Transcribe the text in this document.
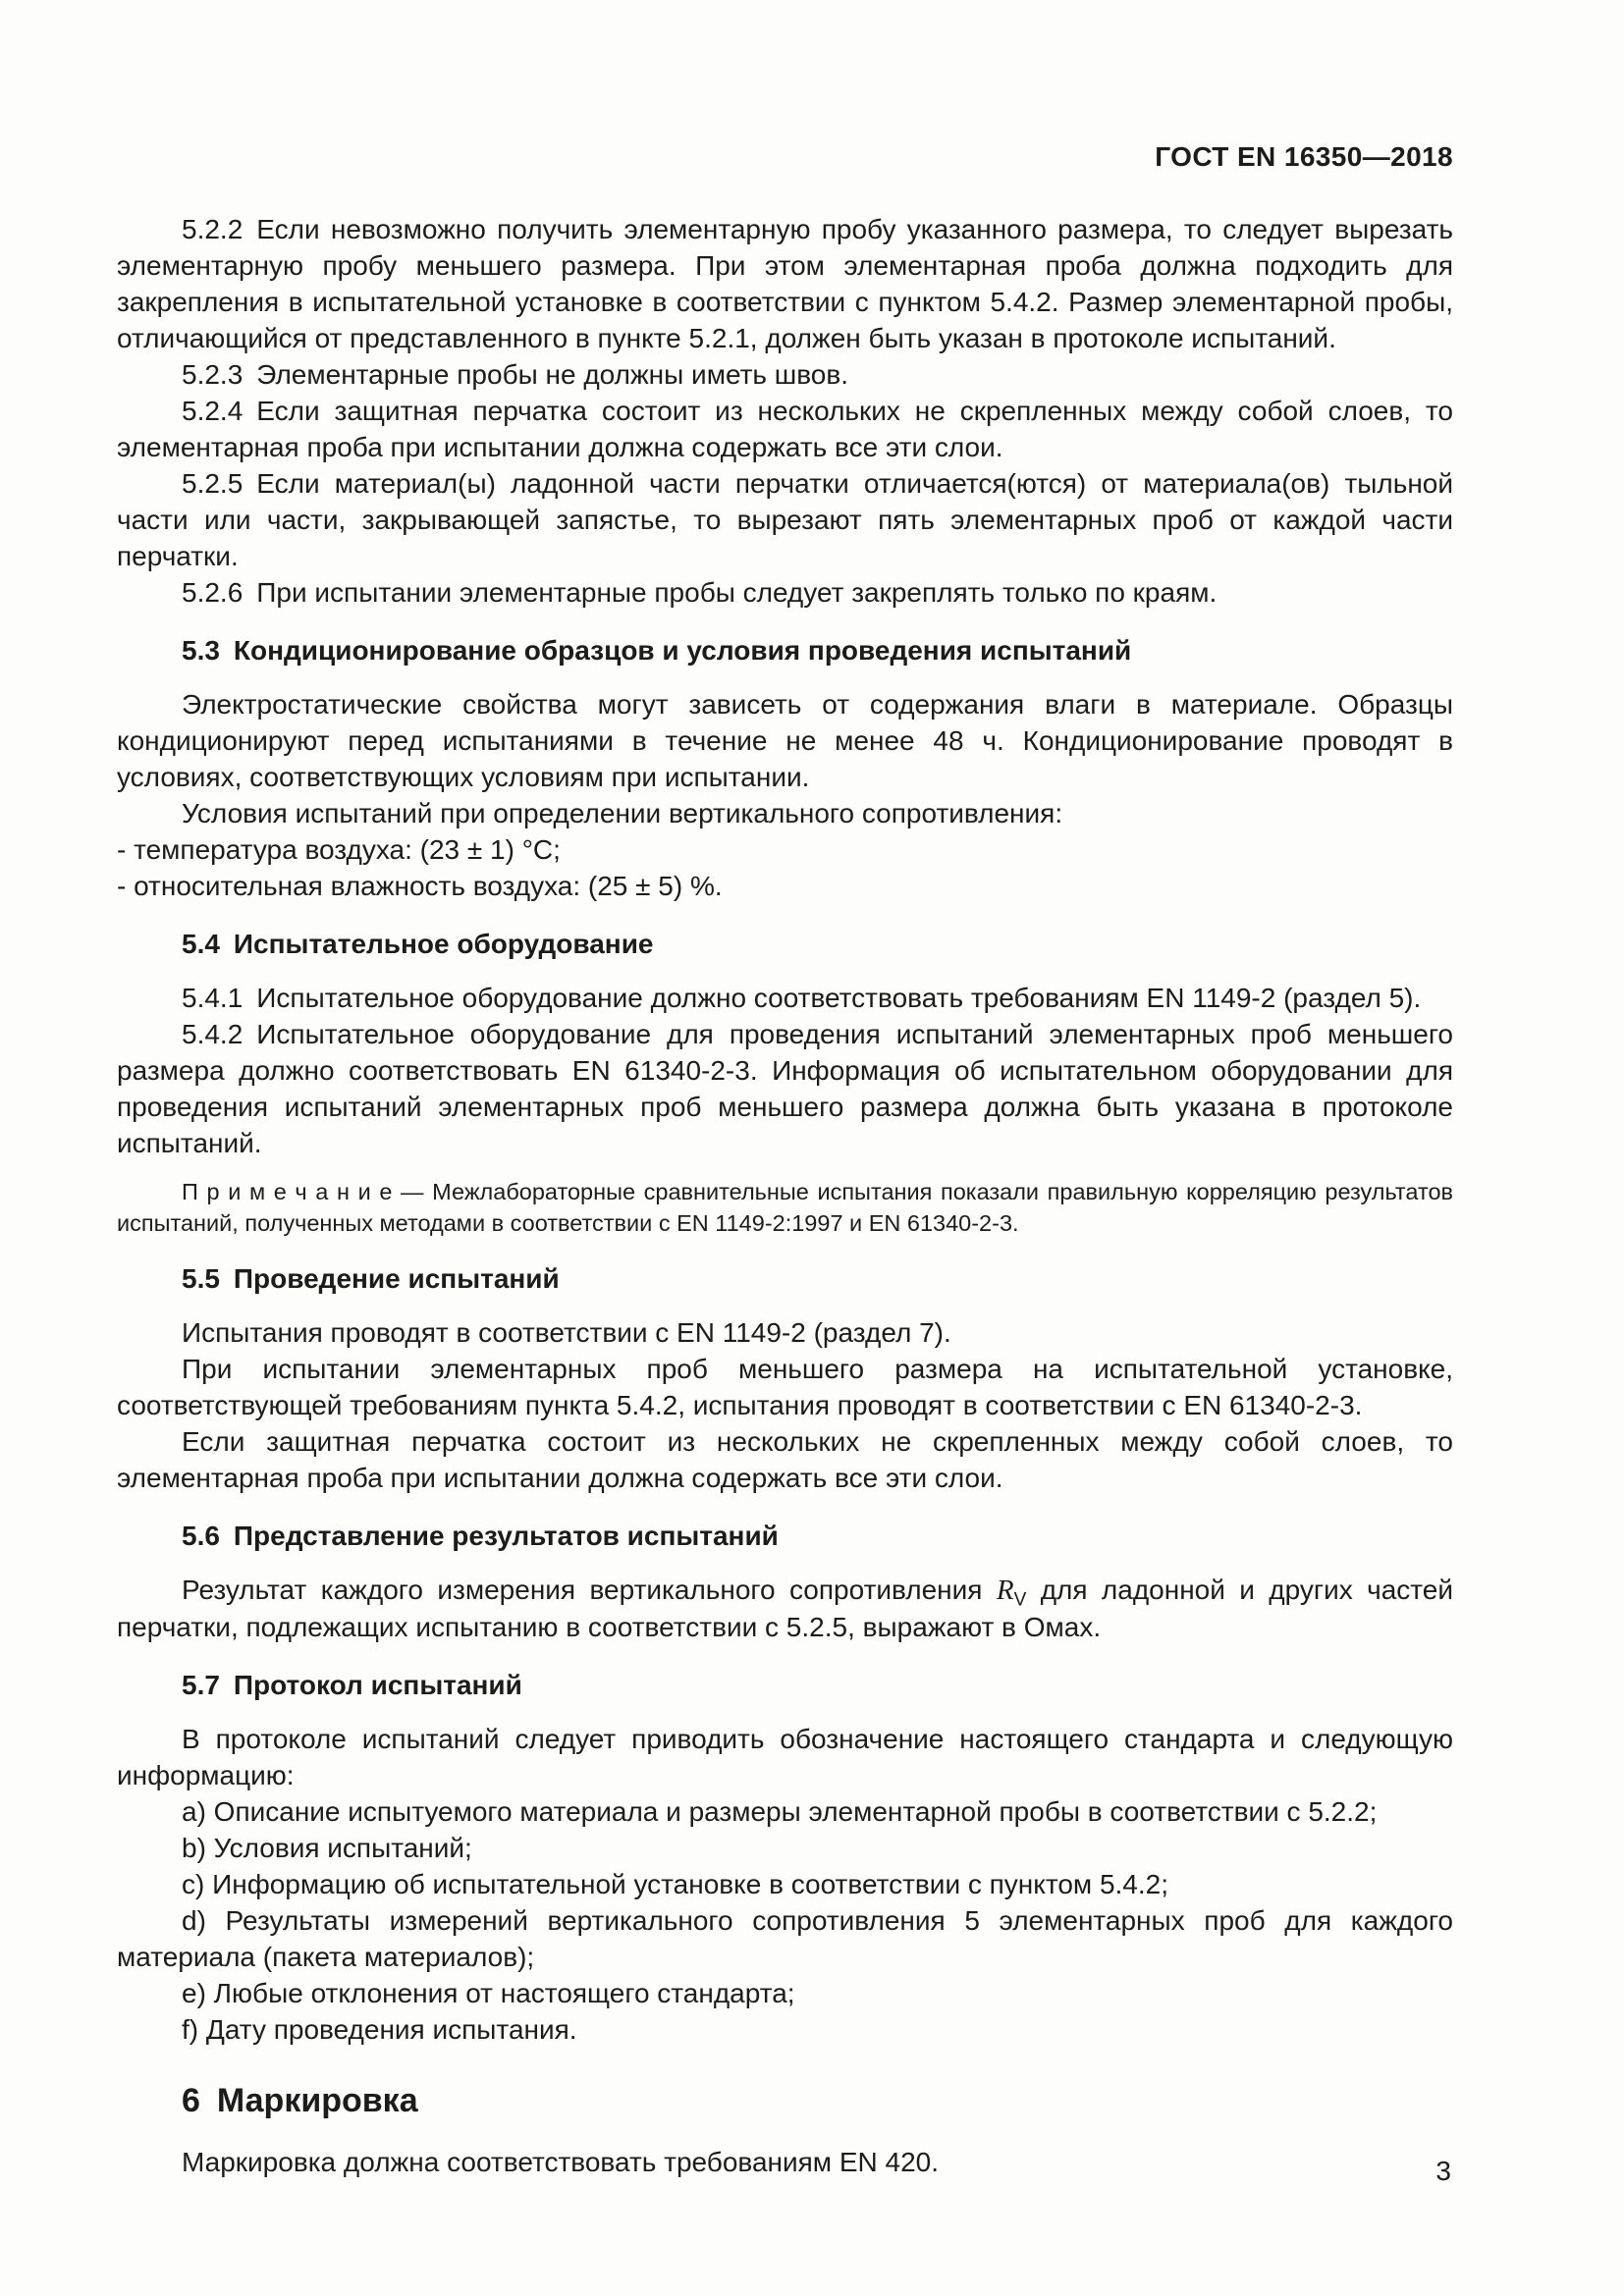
ГОСТ EN 16350—2018

5.2.2 Если невозможно получить элементарную пробу указанного размера, то следует вырезать элементарную пробу меньшего размера. При этом элементарная проба должна подходить для закрепления в испытательной установке в соответствии с пунктом 5.4.2. Размер элементарной пробы, отличающийся от представленного в пункте 5.2.1, должен быть указан в протоколе испытаний.

5.2.3 Элементарные пробы не должны иметь швов.

5.2.4 Если защитная перчатка состоит из нескольких не скрепленных между собой слоев, то элементарная проба при испытании должна содержать все эти слои.

5.2.5 Если материал(ы) ладонной части перчатки отличается(ются) от материала(ов) тыльной части или части, закрывающей запястье, то вырезают пять элементарных проб от каждой части перчатки.

5.2.6 При испытании элементарные пробы следует закреплять только по краям.

5.3 Кондиционирование образцов и условия проведения испытаний

Электростатические свойства могут зависеть от содержания влаги в материале. Образцы кондиционируют перед испытаниями в течение не менее 48 ч. Кондиционирование проводят в условиях, соответствующих условиям при испытании.

Условия испытаний при определении вертикального сопротивления:

- температура воздуха: (23 ± 1) °С;

- относительная влажность воздуха: (25 ± 5) %.

5.4 Испытательное оборудование

5.4.1 Испытательное оборудование должно соответствовать требованиям EN 1149-2 (раздел 5).

5.4.2 Испытательное оборудование для проведения испытаний элементарных проб меньшего размера должно соответствовать EN 61340-2-3. Информация об испытательном оборудовании для проведения испытаний элементарных проб меньшего размера должна быть указана в протоколе испытаний.

П р и м е ч а н и е — Межлабораторные сравнительные испытания показали правильную корреляцию результатов испытаний, полученных методами в соответствии с EN 1149-2:1997 и EN 61340-2-3.

5.5 Проведение испытаний

Испытания проводят в соответствии с EN 1149-2 (раздел 7).

При испытании элементарных проб меньшего размера на испытательной установке, соответствующей требованиям пункта 5.4.2, испытания проводят в соответствии с EN 61340-2-3.

Если защитная перчатка состоит из нескольких не скрепленных между собой слоев, то элементарная проба при испытании должна содержать все эти слои.

5.6 Представление результатов испытаний

Результат каждого измерения вертикального сопротивления $R_V$ для ладонной и других частей перчатки, подлежащих испытанию в соответствии с 5.2.5, выражают в Омах.

5.7 Протокол испытаний

В протоколе испытаний следует приводить обозначение настоящего стандарта и следующую информацию:

a) Описание испытуемого материала и размеры элементарной пробы в соответствии с 5.2.2;

b) Условия испытаний;

c) Информацию об испытательной установке в соответствии с пунктом 5.4.2;

d) Результаты измерений вертикального сопротивления 5 элементарных проб для каждого материала (пакета материалов);

e) Любые отклонения от настоящего стандарта;

f) Дату проведения испытания.

6 Маркировка

Маркировка должна соответствовать требованиям EN 420.	3
